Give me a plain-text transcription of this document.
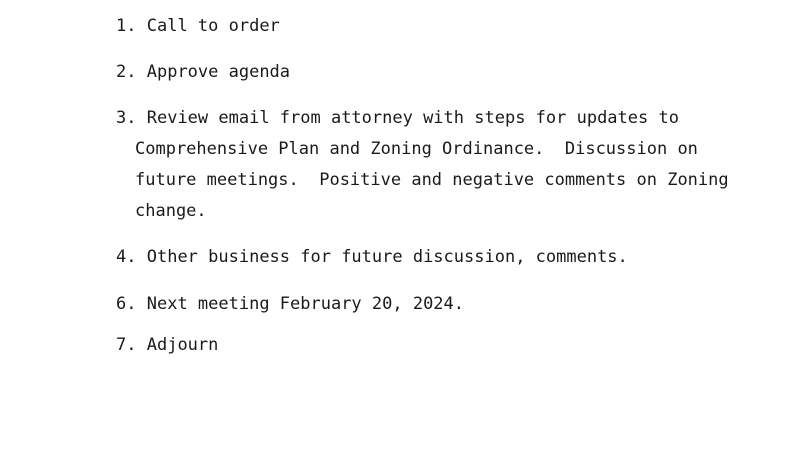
1. Call to order

2. Approve agenda

3. Review email from attorney with steps for updates to
Comprehensive Plan and Zoning Ordinance.  Discussion on
future meetings.  Positive and negative comments on Zoning
change.

4. Other business for future discussion, comments.

6. Next meeting February 20, 2024.

7. Adjourn
